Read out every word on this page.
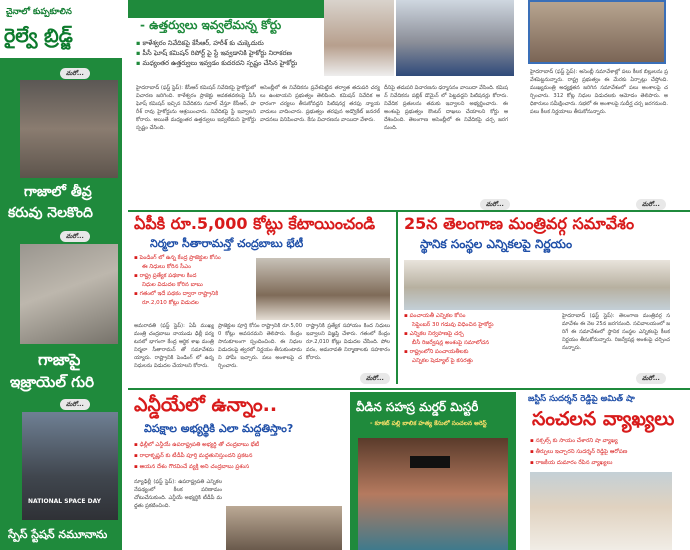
చైనాలో కుప్పకూలిన
రైల్వే బ్రిడ్జ్
మరో...
గాజాలో తీవ్ర
కరువు నెలకొంది
మరో...
గాజాపై
ఇజ్రాయెల్ గురి
మరో...
NATIONAL SPACE DAY
స్పేస్ స్టేషన్ నమూనాను
- ఉత్తర్వులు ఇవ్వలేమన్న కోర్టు
▪ కాళేశ్వరం నివేదికపై కేసీఆర్, హరీశ్ కు చుక్కెదురు
▪ పీసీ ఘోష్ కమిషన్ రిపోర్ట్ పై స్టే ఇవ్వడానికి హైకోర్టు నిరాకరణ
▪ మధ్యంతర ఉత్తర్వులు ఇవ్వడం కుదరదని స్పష్టం చేసిన హైకోర్టు
హైదరాబాద్ (ఫస్ట్ స్టెప్): కేసీఆర్ కమిషన్ నివేదికపై హైకోర్టులో విచారణ జరిగింది. కాళేశ్వరం ప్రాజెక్టు అవకతవకలపై పీసీ ఘోష్ కమిషన్ ఇచ్చిన నివేదికను సవాల్ చేస్తూ కేసీఆర్, హరీశ్ రావు హైకోర్టును ఆశ్రయించారు. నివేదికపై స్టే ఇవ్వాలని కోరారు. అయితే మధ్యంతర ఉత్తర్వులు ఇవ్వలేమని హైకోర్టు స్పష్టం చేసింది.
అసెంబ్లీలో ఈ నివేదికను ప్రవేశపెట్టిన తర్వాత తదుపరి చర్యలు ఉంటాయని ప్రభుత్వం తెలిపింది. కమిషన్ నివేదిక ఆధారంగా చర్యలు తీసుకోవద్దని పిటిషనర్ల తరఫు న్యాయవాదులు వాదించారు. ప్రభుత్వం తరఫున అడ్వొకేట్ జనరల్ వాదనలు వినిపించారు. కేసు విచారణను వాయిదా వేశారు.
దీనిపై తదుపరి విచారణను ధర్మాసనం వాయిదా వేసింది. కమిషన్ నివేదికను పబ్లిక్ డొమైన్ లో పెట్టవద్దని పిటిషనర్లు కోరారు. నివేదిక ప్రతులను తమకు ఇవ్వాలని అభ్యర్థించారు. ఈ అంశంపై ప్రభుత్వం కౌంటర్ దాఖలు చేయాలని కోర్టు ఆదేశించింది. తెలంగాణ అసెంబ్లీలో ఈ నివేదికపై చర్చ జరగనుంది.
మరో...
హైదరాబాద్ (ఫస్ట్ స్టెప్): అసెంబ్లీ సమావేశాల్లో పలు కీలక బిల్లులను ప్రవేశపెట్టనున్నారు. రాష్ట్ర ప్రభుత్వం ఈ మేరకు ఏర్పాట్లు చేస్తోంది. ముఖ్యమంత్రి అధ్యక్షతన జరిగిన సమావేశంలో పలు అంశాలపై చర్చించారు. 312 కోట్ల నిధుల విడుదలకు ఆమోదం తెలిపారు. అధికారులు సమీక్షించారు. సభలో ఈ అంశాలపై సుదీర్ఘ చర్చ జరగనుంది. పలు కీలక నిర్ణయాలు తీసుకోనున్నారు.
మరో...
ఏపీకి రూ.5,000 కోట్లు కేటాయించండి
నిర్మలా సీతారామన్తో చంద్రబాబు భేటీ
▪ పెండింగ్ లో ఉన్న కేంద్ర ప్రాజెక్టుల కోసం
ఈ నిధులు కోరిన సీఎం
▪ రాష్ట్ర ప్రత్యేక పథకాల కింద
నిధుల విడుదల కోరిన బాబు
▪ గతంలో ఇదే పథకం ద్వారా రాష్ట్రానికి
రూ.2,010 కోట్లు విడుదల
అమరావతి (ఫస్ట్ స్టెప్): ఏపీ ముఖ్యమంత్రి చంద్రబాబు నాయుడు ఢిల్లీ పర్యటనలో భాగంగా కేంద్ర ఆర్థిక శాఖ మంత్రి నిర్మలా సీతారామన్ తో సమావేశమయ్యారు. రాష్ట్రానికి పెండింగ్ లో ఉన్న నిధులను విడుదల చేయాలని కోరారు.
ప్రాజెక్టుల పూర్తి కోసం రాష్ట్రానికి రూ.5,000 కోట్లు అవసరమని తెలిపారు. కేంద్రం సానుకూలంగా స్పందించింది. ఈ నిధుల విడుదలపై త్వరలో నిర్ణయం తీసుకుంటామని హామీ ఇచ్చారు. పలు అంశాలపై చర్చించారు.
రాష్ట్రానికి ప్రత్యేక సహాయం కింద నిధులు ఇవ్వాలని విజ్ఞప్తి చేశారు. గతంలో కేంద్రం రూ.2,010 కోట్లు విడుదల చేసింది. పోలవరం, అమరావతి నిర్మాణాలకు సహకారం కోరారు.
మరో...
25న తెలంగాణ మంత్రివర్గ సమావేశం
స్థానిక సంస్థల ఎన్నికలపై నిర్ణయం
▪ పంచాయతీ ఎన్నికల కోసం
సెప్టెంబర్ 30 గడువు విధించిన హైకోర్టు
▪ ఎన్నికల నిర్వహణపై చర్చ
బీసీ రిజర్వేషన్ల అంశంపై సమాలోచన
▪ రాష్ట్రంలోని పంచాయతీలకు
ఎన్నికల షెడ్యూల్ పై కసరత్తు
హైదరాబాద్ (ఫస్ట్ స్టెప్): తెలంగాణ మంత్రివర్గ సమావేశం ఈ నెల 25న జరగనుంది. సచివాలయంలో జరిగే ఈ సమావేశంలో స్థానిక సంస్థల ఎన్నికలపై కీలక నిర్ణయం తీసుకోనున్నారు. రిజర్వేషన్ల అంశంపై చర్చించనున్నారు.
మరో...
ఎన్డీయేలో ఉన్నాం..
విపక్షాల అభ్యర్థికి ఎలా మద్దతిస్తాం?
▪ ఢిల్లీలో ఎన్డీయే ఉపరాష్ట్రపతి అభ్యర్థి తో చంద్రబాబు భేటీ
▪ రాధాకృష్ణన్ కు టీడీపీ పూర్తి మద్దతునిస్తుందని ప్రకటన
▪ ఆయన దేశం గౌరవించే వ్యక్తి అని చంద్రబాబు ప్రశంస
న్యూఢిల్లీ (ఫస్ట్ స్టెప్): ఉపరాష్ట్రపతి ఎన్నికల నేపథ్యంలో కీలక పరిణామం చోటుచేసుకుంది. ఎన్డీయే అభ్యర్థికి టీడీపీ మద్దతు ప్రకటించింది.
వీడిన సహస్ర మర్డర్ మిస్టరీ
- కూకట్ పల్లి బాలిక హత్య కేసులో సంచలన అరెస్ట్
జస్టిస్ సుదర్శన్ రెడ్డిపై అమిత్ షా
సంచలన వ్యాఖ్యలు
▪ నక్సల్స్ కు సాయం చేశారని షా వ్యాఖ్య
▪ తీర్పులు ఇచ్చారని సుదర్శన్ రెడ్డిపై ఆరోపణ
▪ రాజకీయ దుమారం రేపిన వ్యాఖ్యలు
